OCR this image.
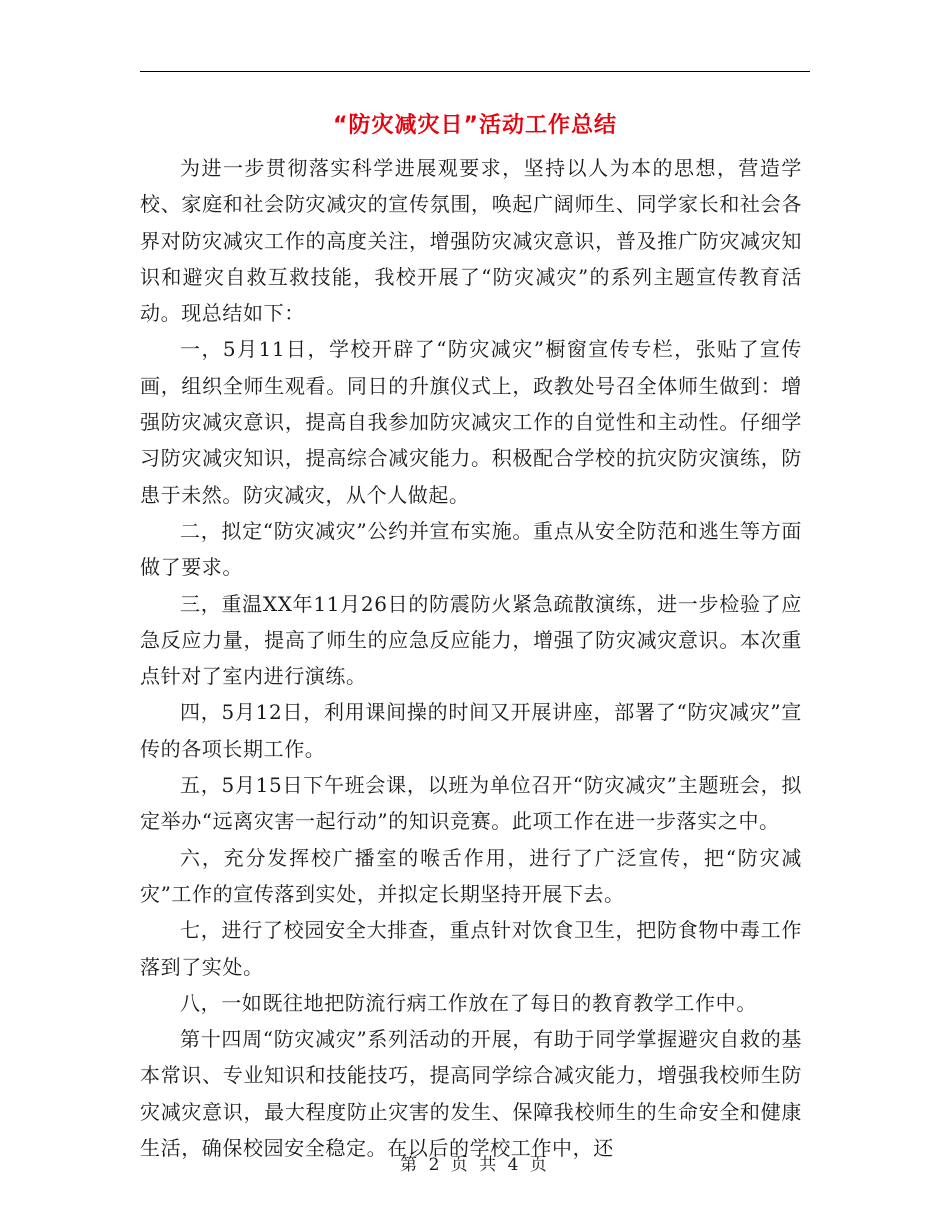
“防灾减灾日”活动工作总结

为进一步贯彻落实科学进展观要求，坚持以人为本的思想，营造学校、家庭和社会防灾减灾的宣传氛围，唤起广阔师生、同学家长和社会各界对防灾减灾工作的高度关注，增强防灾减灾意识，普及推广防灾减灾知识和避灾自救互救技能，我校开展了“防灾减灾”的系列主题宣传教育活动。现总结如下：

一，5月11日，学校开辟了“防灾减灾”橱窗宣传专栏，张贴了宣传画，组织全师生观看。同日的升旗仪式上，政教处号召全体师生做到：增强防灾减灾意识，提高自我参加防灾减灾工作的自觉性和主动性。仔细学习防灾减灾知识，提高综合减灾能力。积极配合学校的抗灾防灾演练，防患于未然。防灾减灾，从个人做起。

二，拟定“防灾减灾”公约并宣布实施。重点从安全防范和逃生等方面做了要求。

三，重温XX年11月26日的防震防火紧急疏散演练，进一步检验了应急反应力量，提高了师生的应急反应能力，增强了防灾减灾意识。本次重点针对了室内进行演练。

四，5月12日，利用课间操的时间又开展讲座，部署了“防灾减灾”宣传的各项长期工作。

五，5月15日下午班会课，以班为单位召开“防灾减灾”主题班会，拟定举办“远离灾害一起行动”的知识竞赛。此项工作在进一步落实之中。

六，充分发挥校广播室的喉舌作用，进行了广泛宣传，把“防灾减灾”工作的宣传落到实处，并拟定长期坚持开展下去。

七，进行了校园安全大排查，重点针对饮食卫生，把防食物中毒工作落到了实处。

八，一如既往地把防流行病工作放在了每日的教育教学工作中。

第十四周“防灾减灾”系列活动的开展，有助于同学掌握避灾自救的基本常识、专业知识和技能技巧，提高同学综合减灾能力，增强我校师生防灾减灾意识，最大程度防止灾害的发生、保障我校师生的生命安全和健康生活，确保校园安全稳定。在以后的学校工作中，还

第 2 页 共 4 页
